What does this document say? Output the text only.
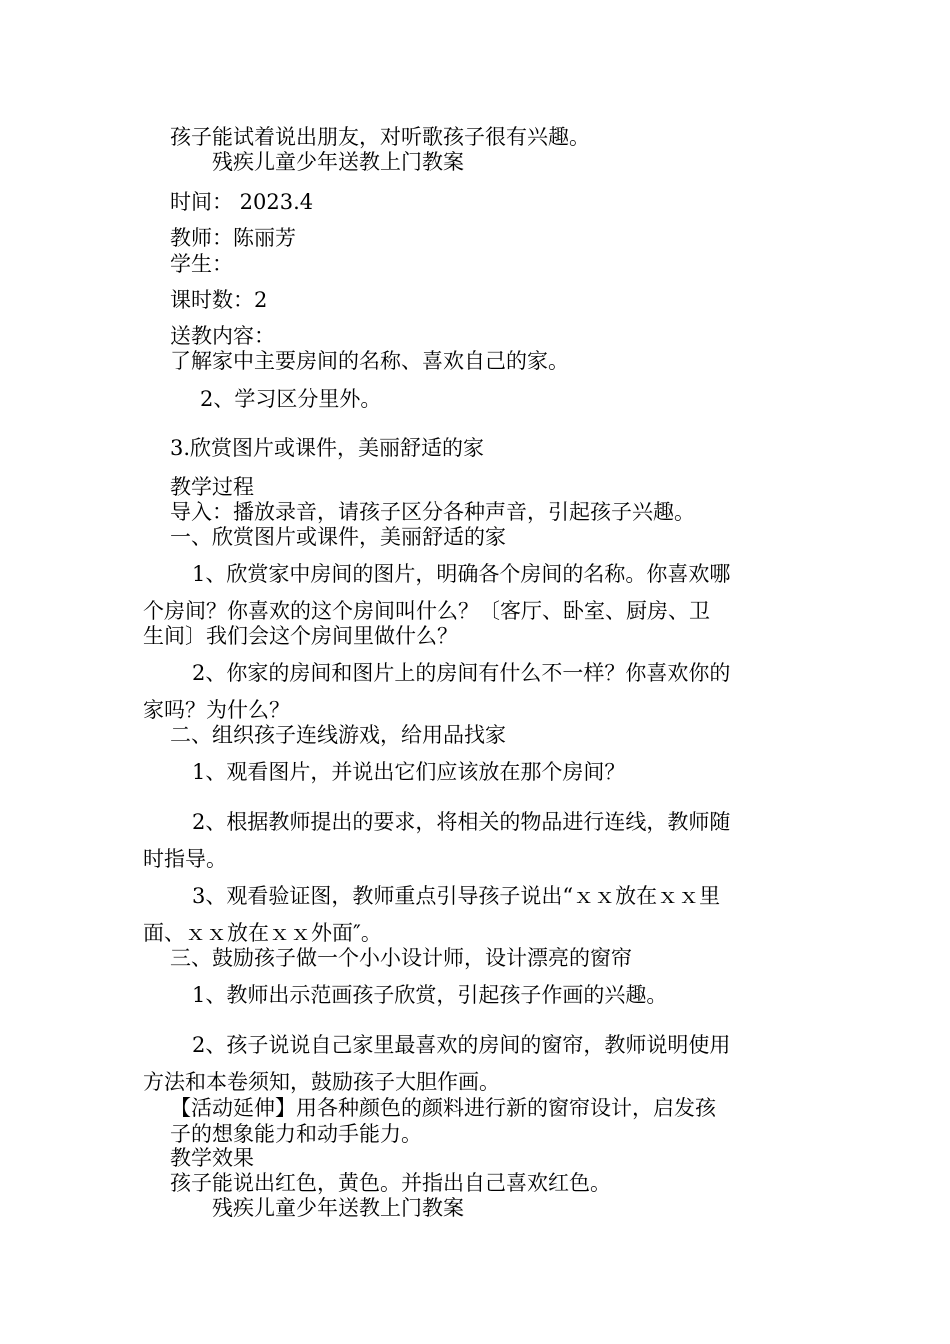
孩子能试着说出朋友，对听歌孩子很有兴趣。
残疾儿童少年送教上门教案
时间： 2023.4
教师：陈丽芳
学生：
课时数：2
送教内容：
了解家中主要房间的名称、喜欢自己的家。
2、学习区分里外。
3.欣赏图片或课件，美丽舒适的家
教学过程
导入：播放录音，请孩子区分各种声音，引起孩子兴趣。
一、欣赏图片或课件，美丽舒适的家
1、欣赏家中房间的图片，明确各个房间的名称。你喜欢哪
个房间？你喜欢的这个房间叫什么？〔客厅、卧室、厨房、卫
生间〕我们会这个房间里做什么？
2、你家的房间和图片上的房间有什么不一样？你喜欢你的
家吗？为什么？
二、组织孩子连线游戏，给用品找家
1、观看图片，并说出它们应该放在那个房间？
2、根据教师提出的要求，将相关的物品进行连线，教师随
时指导。
3、观看验证图，教师重点引导孩子说出“ｘｘ放在ｘｘ里
面、ｘｘ放在ｘｘ外面″。
三、鼓励孩子做一个小小设计师，设计漂亮的窗帘
1、教师出示范画孩子欣赏，引起孩子作画的兴趣。
2、孩子说说自己家里最喜欢的房间的窗帘，教师说明使用
方法和本卷须知，鼓励孩子大胆作画。
【活动延伸】用各种颜色的颜料进行新的窗帘设计，启发孩
子的想象能力和动手能力。
教学效果
孩子能说出红色，黄色。并指出自己喜欢红色。
残疾儿童少年送教上门教案
